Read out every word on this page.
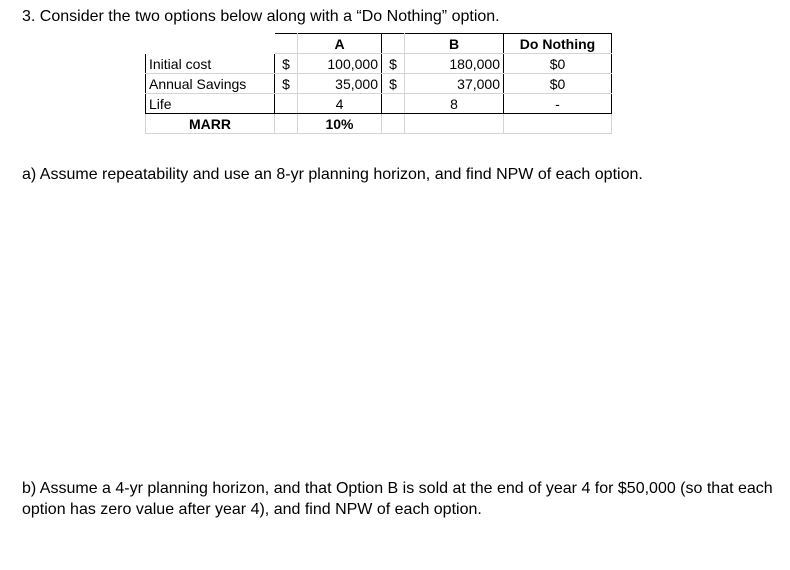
3. Consider the two options below along with a “Do Nothing” option.
		A		B	Do Nothing
Initial cost	$	100,000	$	180,000	$0
Annual Savings	$	35,000	$	37,000	$0
Life		4		8	-
MARR		10%			
a) Assume repeatability and use an 8-yr planning horizon, and find NPW of each option.
b) Assume a 4-yr planning horizon, and that Option B is sold at the end of year 4 for $50,000 (so that each option has zero value after year 4), and find NPW of each option.
